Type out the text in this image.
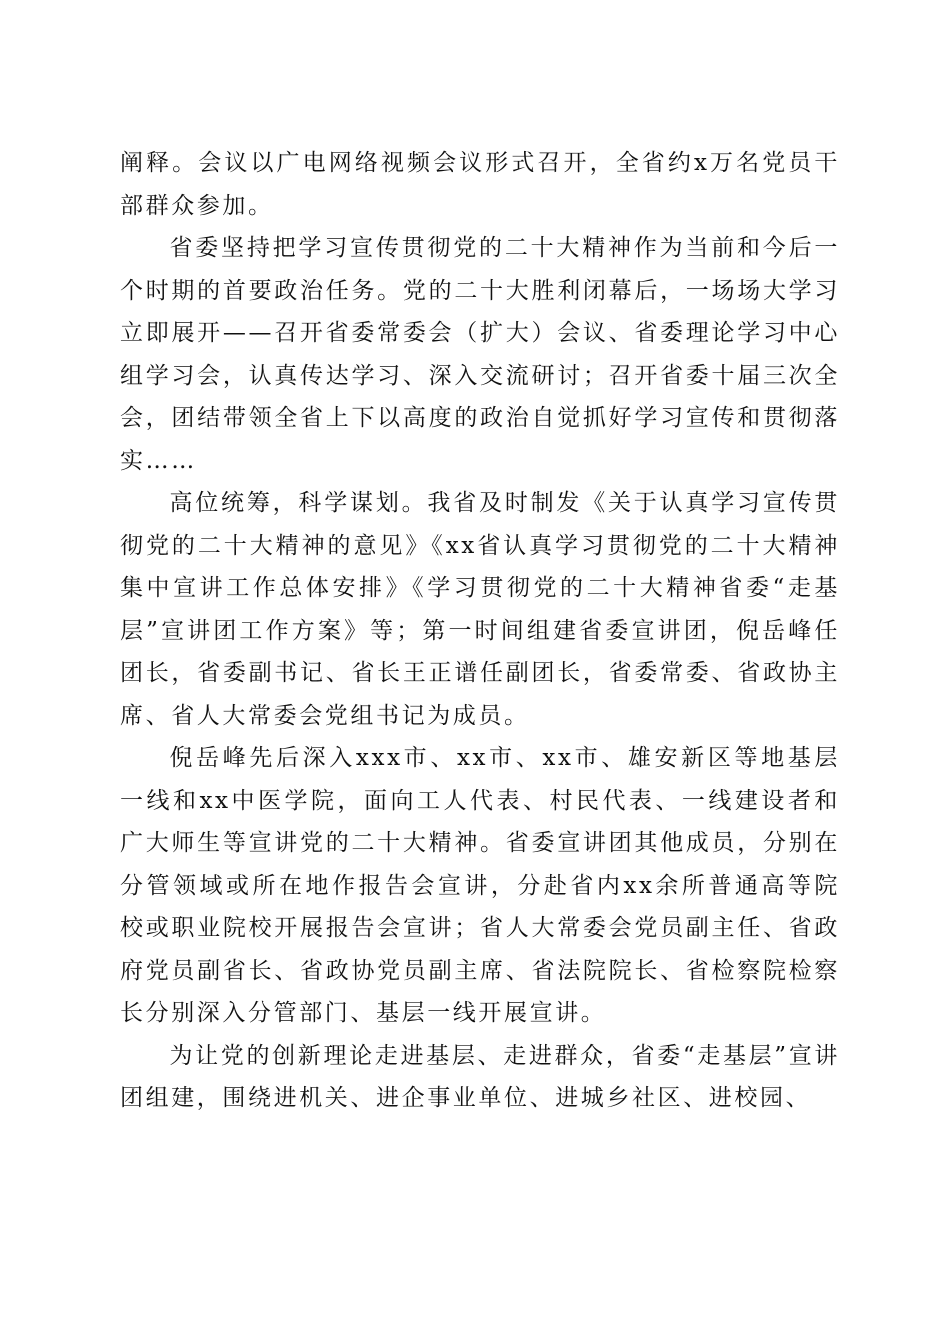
阐释。会议以广电网络视频会议形式召开，全省约x万名党员干部群众参加。

省委坚持把学习宣传贯彻党的二十大精神作为当前和今后一个时期的首要政治任务。党的二十大胜利闭幕后，一场场大学习立即展开——召开省委常委会（扩大）会议、省委理论学习中心组学习会，认真传达学习、深入交流研讨；召开省委十届三次全会，团结带领全省上下以高度的政治自觉抓好学习宣传和贯彻落实……

高位统筹，科学谋划。我省及时制发《关于认真学习宣传贯彻党的二十大精神的意见》《xx省认真学习贯彻党的二十大精神集中宣讲工作总体安排》《学习贯彻党的二十大精神省委“走基层”宣讲团工作方案》等；第一时间组建省委宣讲团，倪岳峰任团长，省委副书记、省长王正谱任副团长，省委常委、省政协主席、省人大常委会党组书记为成员。

倪岳峰先后深入xxx市、xx市、xx市、雄安新区等地基层一线和xx中医学院，面向工人代表、村民代表、一线建设者和广大师生等宣讲党的二十大精神。省委宣讲团其他成员，分别在分管领域或所在地作报告会宣讲，分赴省内xx余所普通高等院校或职业院校开展报告会宣讲；省人大常委会党员副主任、省政府党员副省长、省政协党员副主席、省法院院长、省检察院检察长分别深入分管部门、基层一线开展宣讲。

为让党的创新理论走进基层、走进群众，省委“走基层”宣讲团组建，围绕进机关、进企事业单位、进城乡社区、进校园、
